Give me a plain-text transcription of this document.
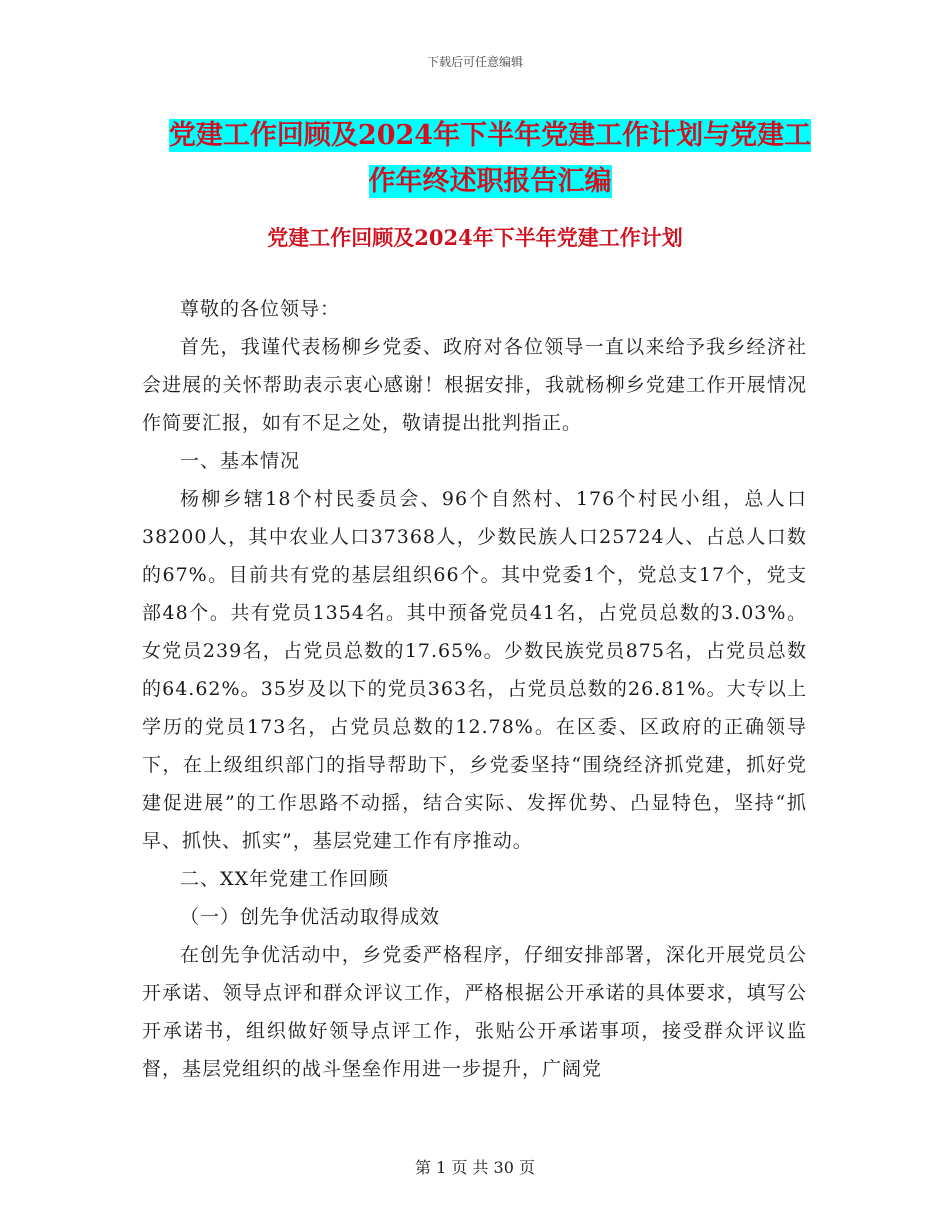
下载后可任意编辑
党建工作回顾及2024年下半年党建工作计划与党建工
作年终述职报告汇编
党建工作回顾及2024年下半年党建工作计划

尊敬的各位领导：

首先，我谨代表杨柳乡党委、政府对各位领导一直以来给予我乡经济社会进展的关怀帮助表示衷心感谢！根据安排，我就杨柳乡党建工作开展情况作简要汇报，如有不足之处，敬请提出批判指正。

一、基本情况

杨柳乡辖18个村民委员会、96个自然村、176个村民小组，总人口38200人，其中农业人口37368人，少数民族人口25724人、占总人口数的67%。目前共有党的基层组织66个。其中党委1个，党总支17个，党支部48个。共有党员1354名。其中预备党员41名，占党员总数的3.03%。女党员239名，占党员总数的17.65%。少数民族党员875名，占党员总数的64.62%。35岁及以下的党员363名，占党员总数的26.81%。大专以上学历的党员173名，占党员总数的12.78%。在区委、区政府的正确领导下，在上级组织部门的指导帮助下，乡党委坚持“围绕经济抓党建，抓好党建促进展”的工作思路不动摇，结合实际、发挥优势、凸显特色，坚持“抓早、抓快、抓实”，基层党建工作有序推动。

二、XX年党建工作回顾

（一）创先争优活动取得成效

在创先争优活动中，乡党委严格程序，仔细安排部署，深化开展党员公开承诺、领导点评和群众评议工作，严格根据公开承诺的具体要求，填写公开承诺书，组织做好领导点评工作，张贴公开承诺事项，接受群众评议监督，基层党组织的战斗堡垒作用进一步提升，广阔党

第 1 页 共 30 页
